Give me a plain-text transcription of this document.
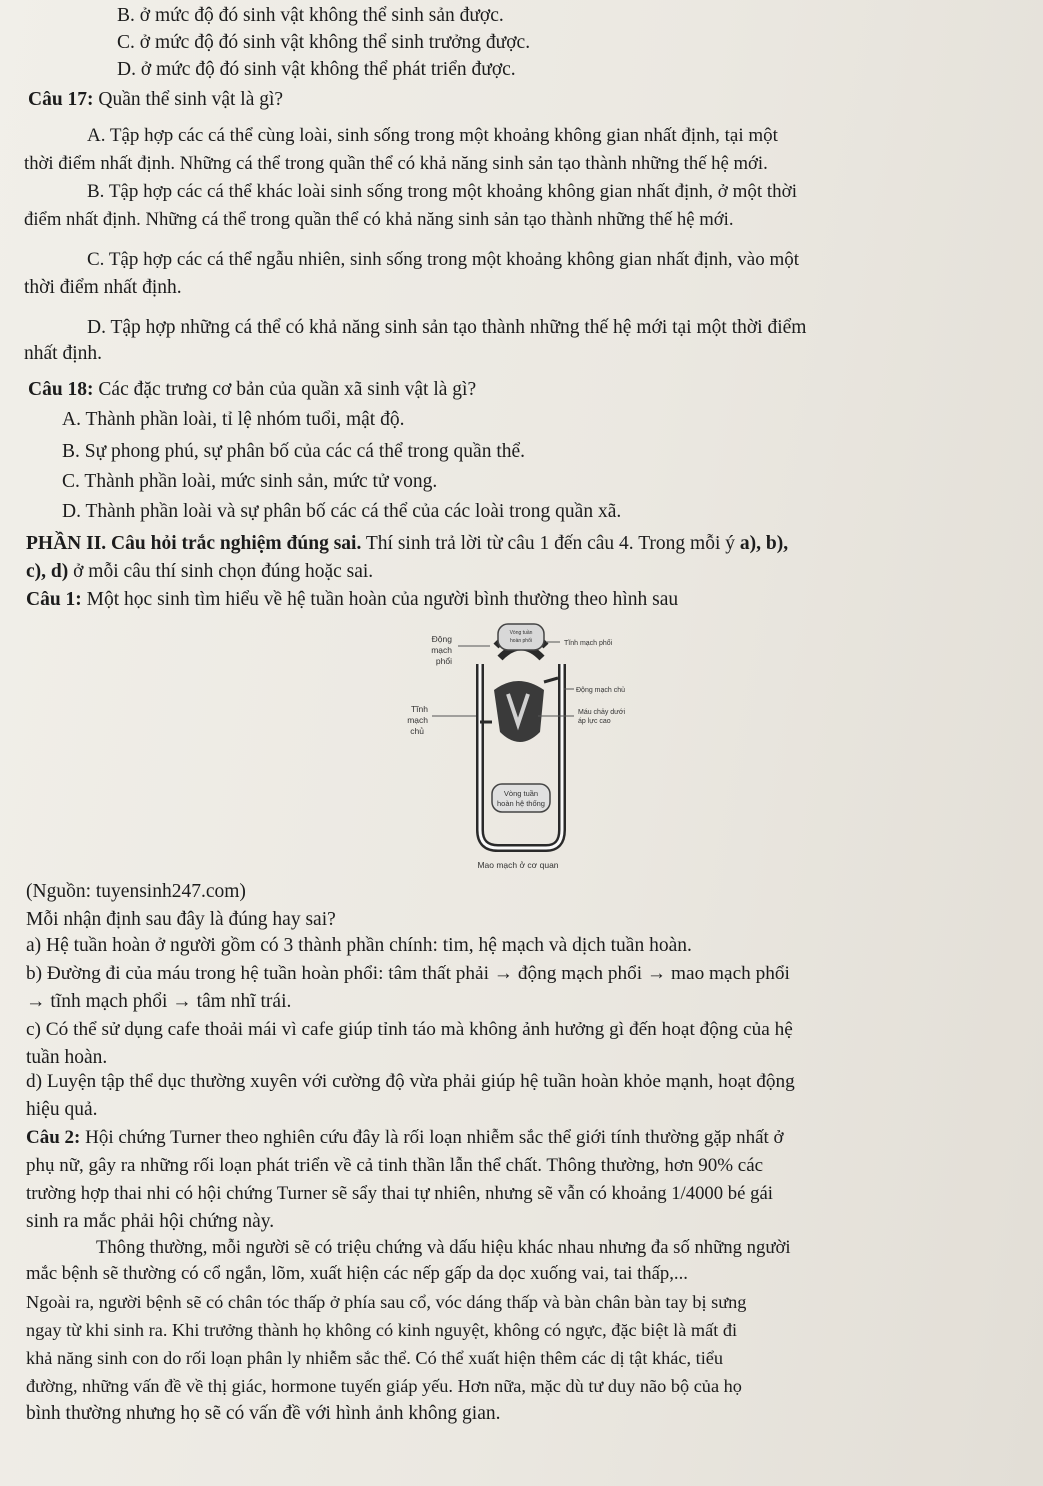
B. ở mức độ đó sinh vật không thể sinh sản được.
C. ở mức độ đó sinh vật không thể sinh trưởng được.
D. ở mức độ đó sinh vật không thể phát triển được.
Câu 17: Quần thể sinh vật là gì?
A. Tập hợp các cá thể cùng loài, sinh sống trong một khoảng không gian nhất định, tại một
thời điểm nhất định. Những cá thể trong quần thể có khả năng sinh sản tạo thành những thế hệ mới.
B. Tập hợp các cá thể khác loài sinh sống trong một khoảng không gian nhất định, ở một thời
điểm nhất định. Những cá thể trong quần thể có khả năng sinh sản tạo thành những thế hệ mới.
C. Tập hợp các cá thể ngẫu nhiên, sinh sống trong một khoảng không gian nhất định, vào một
thời điểm nhất định.
D. Tập hợp những cá thể có khả năng sinh sản tạo thành những thế hệ mới tại một thời điểm
nhất định.
Câu 18: Các đặc trưng cơ bản của quần xã sinh vật là gì?
A. Thành phần loài, tỉ lệ nhóm tuổi, mật độ.
B. Sự phong phú, sự phân bố của các cá thể trong quần thể.
C. Thành phần loài, mức sinh sản, mức tử vong.
D. Thành phần loài và sự phân bố các cá thể của các loài trong quần xã.
PHẦN II. Câu hỏi trắc nghiệm đúng sai. Thí sinh trả lời từ câu 1 đến câu 4. Trong mỗi ý a), b),
c), d) ở mỗi câu thí sinh chọn đúng hoặc sai.
Câu 1: Một học sinh tìm hiểu về hệ tuần hoàn của người bình thường theo hình sau
Động
mạch
phổi
Vòng tuần
hoàn phổi	Tĩnh mạch phổi
Động mạch chủ
Tĩnh
mạch
chủ
Máu chảy dưới
áp lực cao
Vòng tuần
hoàn hệ thống
Mao mạch ở cơ quan
(Nguồn: tuyensinh247.com)
Mỗi nhận định sau đây là đúng hay sai?
a) Hệ tuần hoàn ở người gồm có 3 thành phần chính: tim, hệ mạch và dịch tuần hoàn.
b) Đường đi của máu trong hệ tuần hoàn phổi: tâm thất phải → động mạch phổi → mao mạch phổi
→ tĩnh mạch phổi → tâm nhĩ trái.
c) Có thể sử dụng cafe thoải mái vì cafe giúp tỉnh táo mà không ảnh hưởng gì đến hoạt động của hệ
tuần hoàn.
d) Luyện tập thể dục thường xuyên với cường độ vừa phải giúp hệ tuần hoàn khỏe mạnh, hoạt động
hiệu quả.
Câu 2: Hội chứng Turner theo nghiên cứu đây là rối loạn nhiễm sắc thể giới tính thường gặp nhất ở
phụ nữ, gây ra những rối loạn phát triển về cả tinh thần lẫn thể chất. Thông thường, hơn 90% các
trường hợp thai nhi có hội chứng Turner sẽ sẩy thai tự nhiên, nhưng sẽ vẫn có khoảng 1/4000 bé gái
sinh ra mắc phải hội chứng này.
Thông thường, mỗi người sẽ có triệu chứng và dấu hiệu khác nhau nhưng đa số những người
mắc bệnh sẽ thường có cổ ngắn, lõm, xuất hiện các nếp gấp da dọc xuống vai, tai thấp,...
Ngoài ra, người bệnh sẽ có chân tóc thấp ở phía sau cổ, vóc dáng thấp và bàn chân bàn tay bị sưng
ngay từ khi sinh ra. Khi trưởng thành họ không có kinh nguyệt, không có ngực, đặc biệt là mất đi
khả năng sinh con do rối loạn phân ly nhiễm sắc thể. Có thể xuất hiện thêm các dị tật khác, tiểu
đường, những vấn đề về thị giác, hormone tuyến giáp yếu. Hơn nữa, mặc dù tư duy não bộ của họ
bình thường nhưng họ sẽ có vấn đề với hình ảnh không gian.
